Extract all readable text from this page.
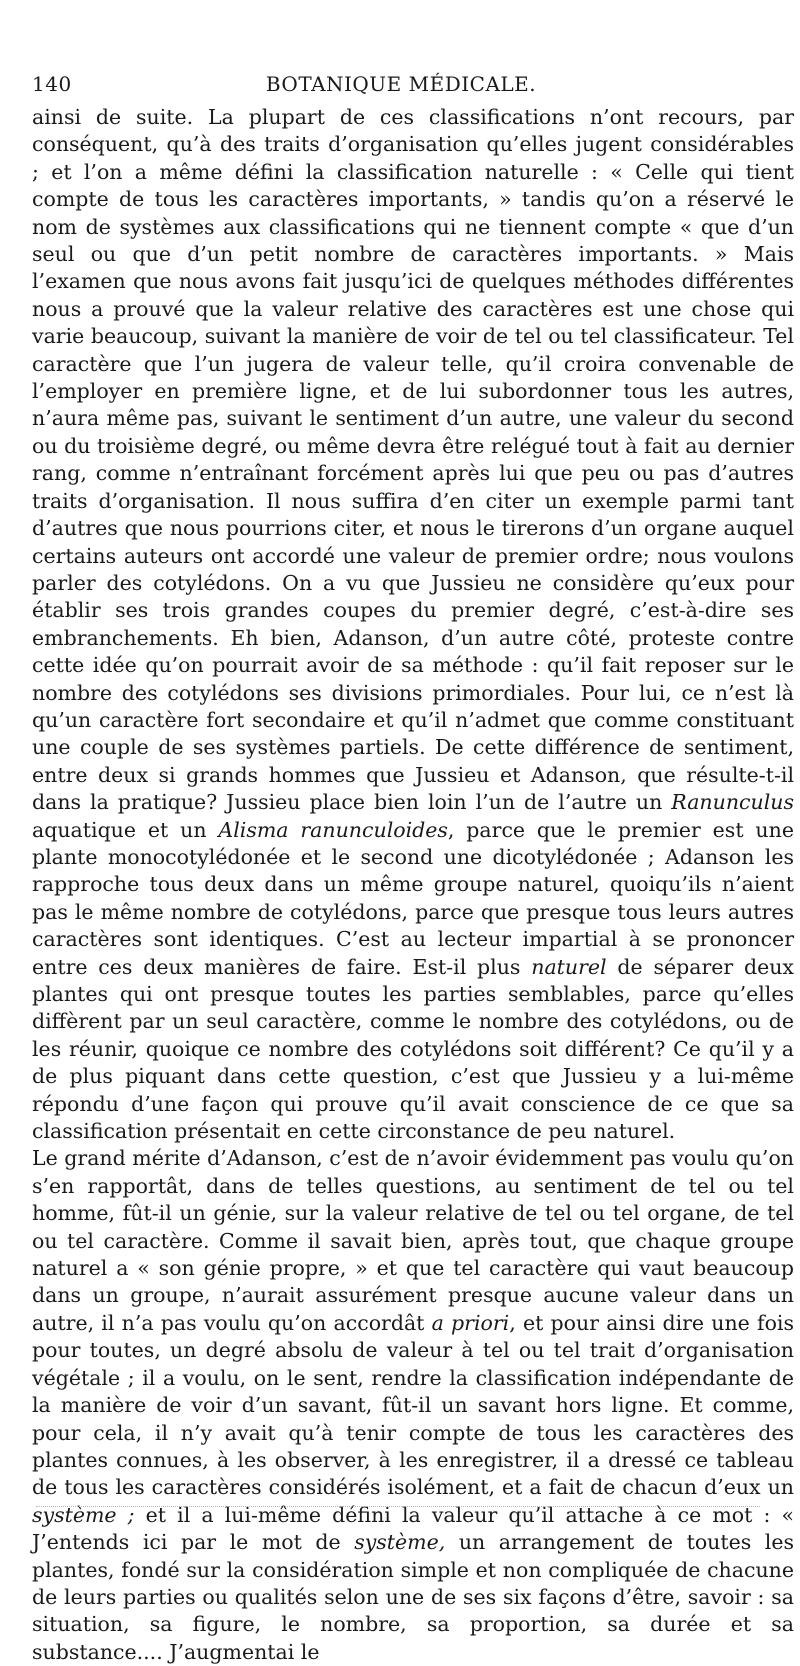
140	BOTANIQUE MÉDICALE.

ainsi de suite. La plupart de ces classifications n’ont recours, par conséquent, qu’à des traits d’organisation qu’elles jugent considérables ; et l’on a même défini la classification naturelle : « Celle qui tient compte de tous les caractères importants, » tandis qu’on a réservé le nom de systèmes aux classifications qui ne tiennent compte « que d’un seul ou que d’un petit nombre de caractères importants. » Mais l’examen que nous avons fait jusqu’ici de quelques méthodes différentes nous a prouvé que la valeur relative des caractères est une chose qui varie beaucoup, suivant la manière de voir de tel ou tel classificateur. Tel caractère que l’un jugera de valeur telle, qu’il croira convenable de l’employer en première ligne, et de lui subordonner tous les autres, n’aura même pas, suivant le sentiment d’un autre, une valeur du second ou du troisième degré, ou même devra être relégué tout à fait au dernier rang, comme n’entraînant forcément après lui que peu ou pas d’autres traits d’organisation. Il nous suffira d’en citer un exemple parmi tant d’autres que nous pourrions citer, et nous le tirerons d’un organe auquel certains auteurs ont accordé une valeur de premier ordre; nous voulons parler des cotylédons. On a vu que Jussieu ne considère qu’eux pour établir ses trois grandes coupes du premier degré, c’est-à-dire ses embranchements. Eh bien, Adanson, d’un autre côté, proteste contre cette idée qu’on pourrait avoir de sa méthode : qu’il fait reposer sur le nombre des cotylédons ses divisions primordiales. Pour lui, ce n’est là qu’un caractère fort secondaire et qu’il n’admet que comme constituant une couple de ses systèmes partiels. De cette différence de sentiment, entre deux si grands hommes que Jussieu et Adanson, que résulte-t-il dans la pratique? Jussieu place bien loin l’un de l’autre un Ranunculus aquatique et un Alisma ranunculoides, parce que le premier est une plante monocotylédonée et le second une dicotylédonée ; Adanson les rapproche tous deux dans un même groupe naturel, quoiqu’ils n’aient pas le même nombre de cotylédons, parce que presque tous leurs autres caractères sont identiques. C’est au lecteur impartial à se prononcer entre ces deux manières de faire. Est-il plus naturel de séparer deux plantes qui ont presque toutes les parties semblables, parce qu’elles diffèrent par un seul caractère, comme le nombre des cotylédons, ou de les réunir, quoique ce nombre des cotylédons soit différent? Ce qu’il y a de plus piquant dans cette question, c’est que Jussieu y a lui-même répondu d’une façon qui prouve qu’il avait conscience de ce que sa classification présentait en cette circonstance de peu naturel.

Le grand mérite d’Adanson, c’est de n’avoir évidemment pas voulu qu’on s’en rapportât, dans de telles questions, au sentiment de tel ou tel homme, fût-il un génie, sur la valeur relative de tel ou tel organe, de tel ou tel caractère. Comme il savait bien, après tout, que chaque groupe naturel a « son génie propre, » et que tel caractère qui vaut beaucoup dans un groupe, n’aurait assurément presque aucune valeur dans un autre, il n’a pas voulu qu’on accordât a priori, et pour ainsi dire une fois pour toutes, un degré absolu de valeur à tel ou tel trait d’organisation végétale ; il a voulu, on le sent, rendre la classification indépendante de la manière de voir d’un savant, fût-il un savant hors ligne. Et comme, pour cela, il n’y avait qu’à tenir compte de tous les caractères des plantes connues, à les observer, à les enregistrer, il a dressé ce tableau de tous les caractères considérés isolément, et a fait de chacun d’eux un système ; et il a lui-même défini la valeur qu’il attache à ce mot : « J’entends ici par le mot de système, un arrangement de toutes les plantes, fondé sur la considération simple et non compliquée de chacune de leurs parties ou qualités selon une de ses six façons d’être, savoir : sa situation, sa figure, le nombre, sa proportion, sa durée et sa substance.... J’augmentai le
